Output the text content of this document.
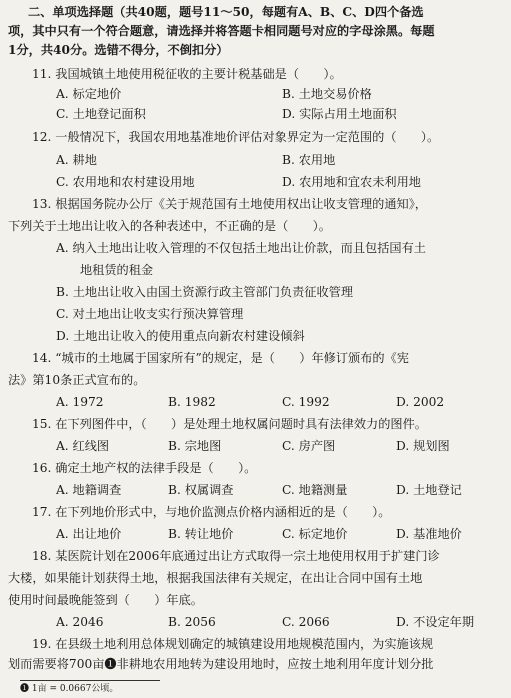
二、单项选择题（共40题，题号11～50，每题有A、B、C、D四个备选
项，其中只有一个符合题意，请选择并将答题卡相同题号对应的字母涂黑。每题
1分，共40分。选错不得分，不倒扣分）
11. 我国城镇土地使用税征收的主要计税基础是（　　）。
A. 标定地价	B. 土地交易价格
C. 土地登记面积	D. 实际占用土地面积
12. 一般情况下，我国农用地基准地价评估对象界定为一定范围的（　　）。
A. 耕地	B. 农用地
C. 农用地和农村建设用地	D. 农用地和宜农未利用地
13. 根据国务院办公厅《关于规范国有土地使用权出让收支管理的通知》，
下列关于土地出让收入的各种表述中，不正确的是（　　）。
A. 纳入土地出让收入管理的不仅包括土地出让价款，而且包括国有土
地租赁的租金
B. 土地出让收入由国土资源行政主管部门负责征收管理
C. 对土地出让收支实行预决算管理
D. 土地出让收入的使用重点向新农村建设倾斜
14. “城市的土地属于国家所有”的规定，是（　　）年修订颁布的《宪
法》第10条正式宣布的。
A. 1972	B. 1982	C. 1992	D. 2002
15. 在下列图件中，（　　）是处理土地权属问题时具有法律效力的图件。
A. 红线图	B. 宗地图	C. 房产图	D. 规划图
16. 确定土地产权的法律手段是（　　）。
A. 地籍调查	B. 权属调查	C. 地籍测量	D. 土地登记
17. 在下列地价形式中，与地价监测点价格内涵相近的是（　　）。
A. 出让地价	B. 转让地价	C. 标定地价	D. 基准地价
18. 某医院计划在2006年底通过出让方式取得一宗土地使用权用于扩建门诊
大楼，如果能计划获得土地，根据我国法律有关规定，在出让合同中国有土地
使用时间最晚能签到（　　）年底。
A. 2046	B. 2056	C. 2066	D. 不设定年期
19. 在县级土地利用总体规划确定的城镇建设用地规模范围内，为实施该规
划而需要将700亩❶非耕地农用地转为建设用地时，应按土地利用年度计划分批
❶ 1亩 = 0.0667公顷。
